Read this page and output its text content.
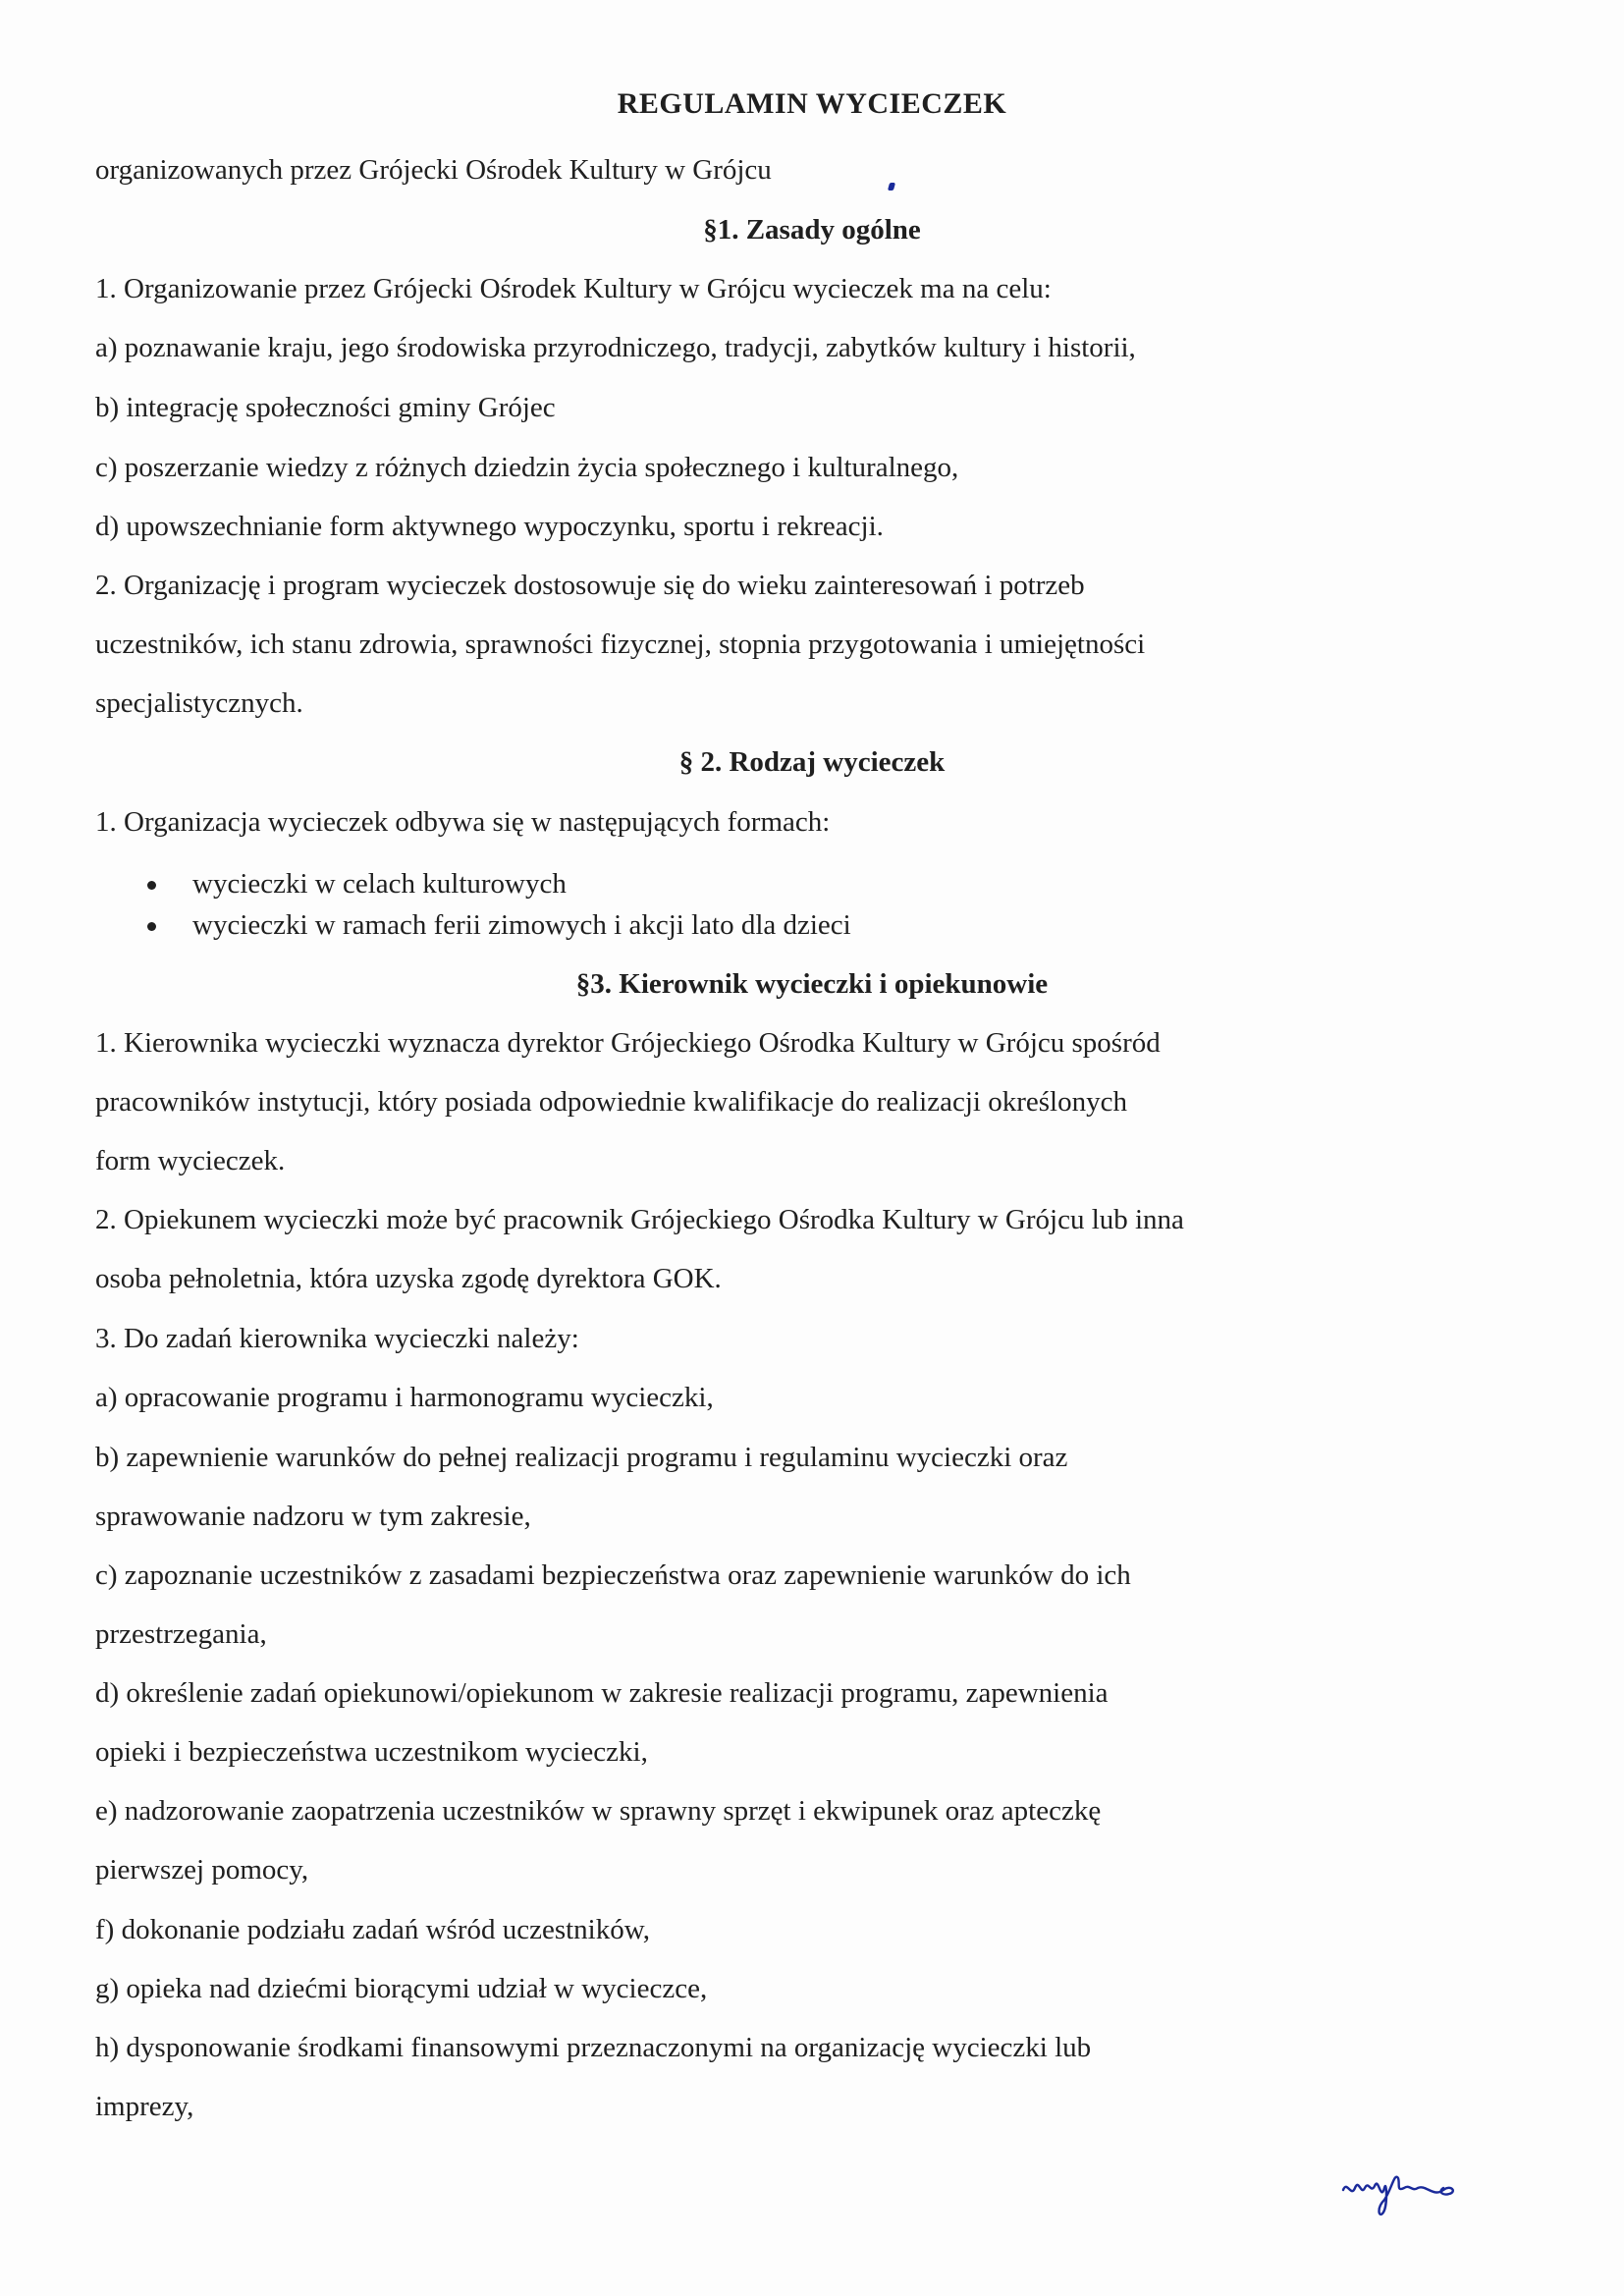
REGULAMIN WYCIECZEK
organizowanych przez Grójecki Ośrodek Kultury w Grójcu
§1. Zasady ogólne
1. Organizowanie przez Grójecki Ośrodek Kultury w Grójcu wycieczek ma na celu:
a) poznawanie kraju, jego środowiska przyrodniczego, tradycji, zabytków kultury i historii,
b) integrację społeczności gminy Grójec
c) poszerzanie wiedzy z różnych dziedzin życia społecznego i kulturalnego,
d) upowszechnianie form aktywnego wypoczynku, sportu i rekreacji.
2. Organizację i program wycieczek dostosowuje się do wieku zainteresowań i potrzeb
uczestników, ich stanu zdrowia, sprawności fizycznej, stopnia przygotowania i umiejętności
specjalistycznych.
§ 2. Rodzaj wycieczek
1. Organizacja wycieczek odbywa się w następujących formach:
wycieczki w celach kulturowych
wycieczki w ramach ferii zimowych i akcji lato dla dzieci
§3. Kierownik wycieczki i opiekunowie
1. Kierownika wycieczki wyznacza dyrektor Grójeckiego Ośrodka Kultury w Grójcu spośród
pracowników instytucji, który posiada odpowiednie kwalifikacje do realizacji określonych
form wycieczek.
2. Opiekunem wycieczki może być pracownik Grójeckiego Ośrodka Kultury w Grójcu lub inna
osoba pełnoletnia, która uzyska zgodę dyrektora GOK.
3. Do zadań kierownika wycieczki należy:
a) opracowanie programu i harmonogramu wycieczki,
b) zapewnienie warunków do pełnej realizacji programu i regulaminu wycieczki oraz
sprawowanie nadzoru w tym zakresie,
c) zapoznanie uczestników z zasadami bezpieczeństwa oraz zapewnienie warunków do ich
przestrzegania,
d) określenie zadań opiekunowi/opiekunom w zakresie realizacji programu, zapewnienia
opieki i bezpieczeństwa uczestnikom wycieczki,
e) nadzorowanie zaopatrzenia uczestników w sprawny sprzęt i ekwipunek oraz apteczkę
pierwszej pomocy,
f) dokonanie podziału zadań wśród uczestników,
g) opieka nad dziećmi biorącymi udział w wycieczce,
h) dysponowanie środkami finansowymi przeznaczonymi na organizację wycieczki lub
imprezy,
